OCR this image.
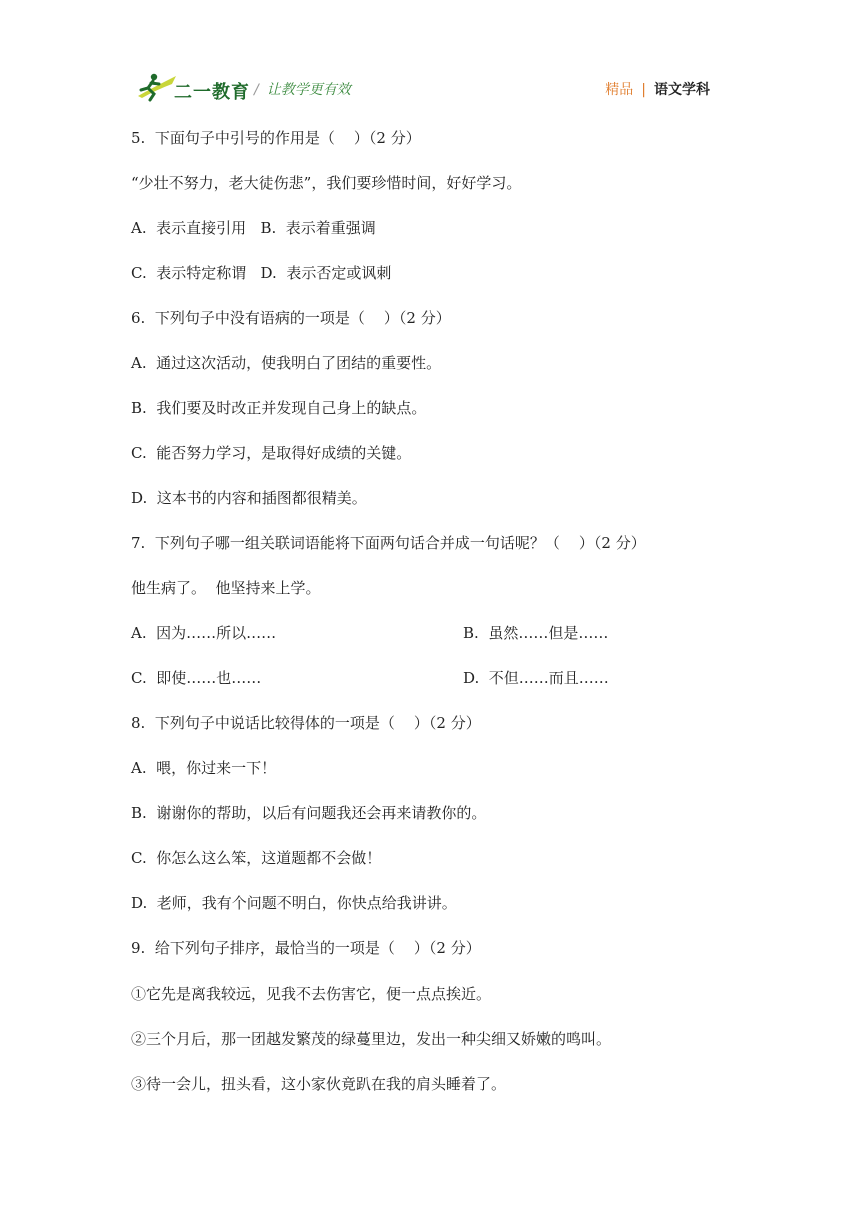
二一教育 / 让教学更有效	精品 | 语文学科
5.  下面句子中引号的作用是（    ）（2 分）
“少壮不努力，老大徒伤悲”，我们要珍惜时间，好好学习。
A.  表示直接引用   B.  表示着重强调
C.  表示特定称谓   D.  表示否定或讽刺
6.  下列句子中没有语病的一项是（    ）（2 分）
A.  通过这次活动，使我明白了团结的重要性。
B.  我们要及时改正并发现自己身上的缺点。
C.  能否努力学习，是取得好成绩的关键。
D.  这本书的内容和插图都很精美。
7.  下列句子哪一组关联词语能将下面两句话合并成一句话呢？（    ）（2 分）
他生病了。  他坚持来上学。
A.  因为……所以……	B.  虽然……但是……
C.  即使……也……	D.  不但……而且……
8.  下列句子中说话比较得体的一项是（    ）（2 分）
A.  喂，你过来一下！
B.  谢谢你的帮助，以后有问题我还会再来请教你的。
C.  你怎么这么笨，这道题都不会做！
D.  老师，我有个问题不明白，你快点给我讲讲。
9.  给下列句子排序，最恰当的一项是（    ）（2 分）
①它先是离我较远，见我不去伤害它，便一点点挨近。
②三个月后，那一团越发繁茂的绿蔓里边，发出一种尖细又娇嫩的鸣叫。
③待一会儿，扭头看，这小家伙竟趴在我的肩头睡着了。
